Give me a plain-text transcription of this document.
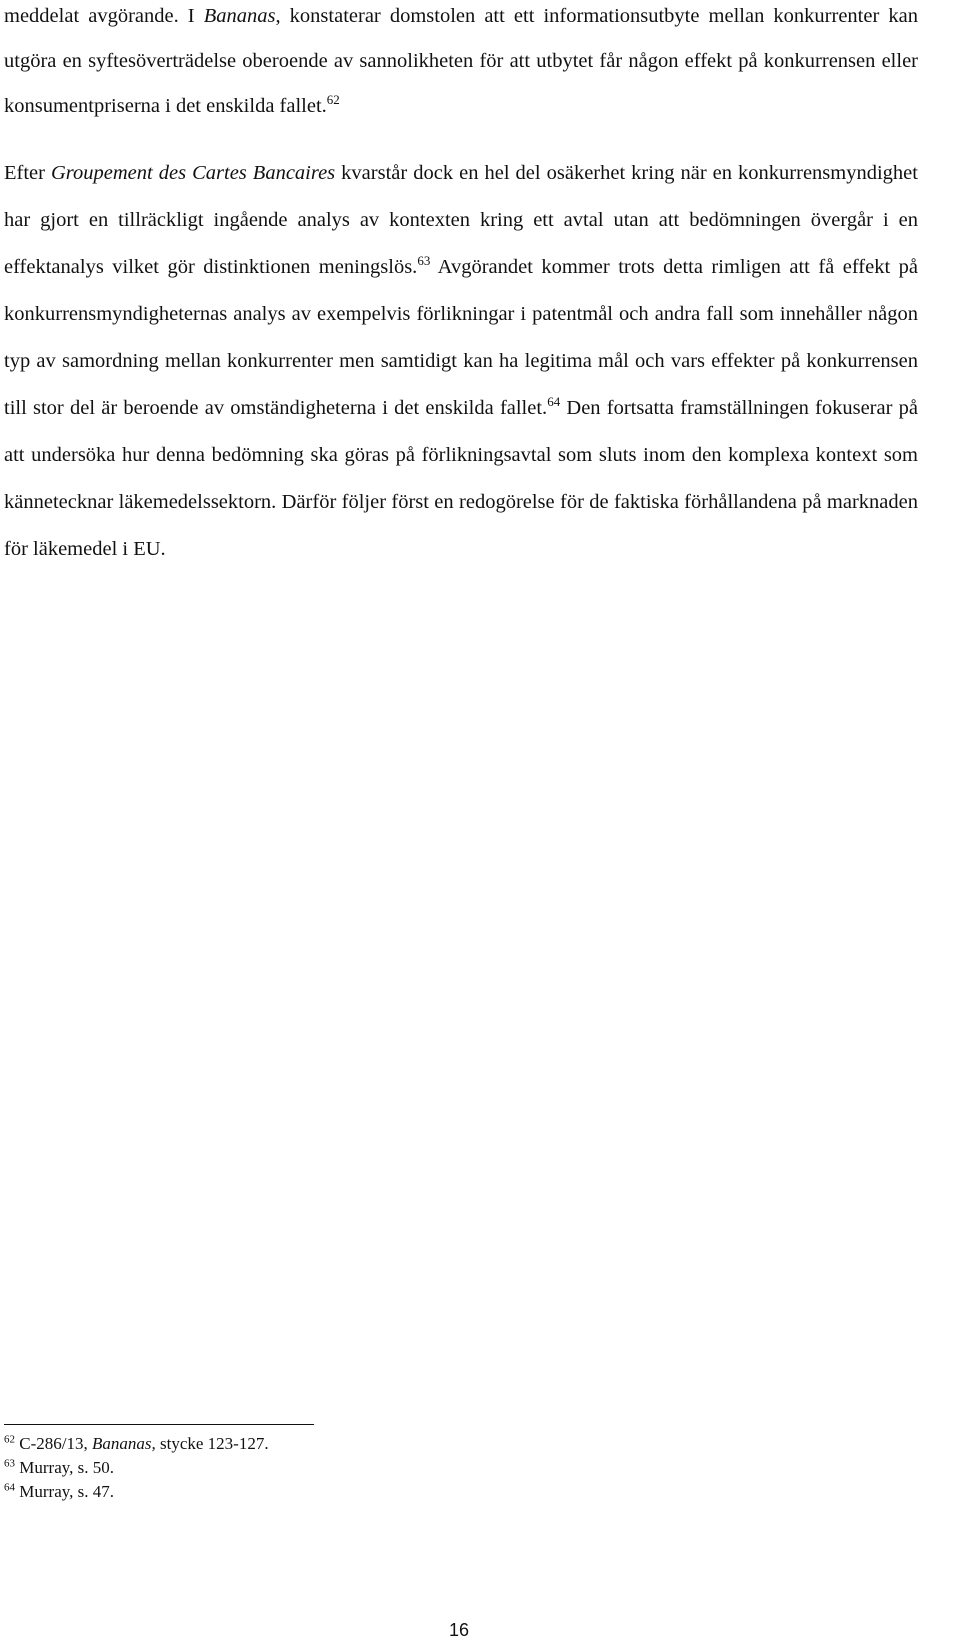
meddelat avgörande. I Bananas, konstaterar domstolen att ett informationsutbyte mellan konkurrenter kan utgöra en syftesöverträdelse oberoende av sannolikheten för att utbytet får någon effekt på konkurrensen eller konsumentpriserna i det enskilda fallet.$^{62}$

Efter Groupement des Cartes Bancaires kvarstår dock en hel del osäkerhet kring när en konkurrensmyndighet har gjort en tillräckligt ingående analys av kontexten kring ett avtal utan att bedömningen övergår i en effektanalys vilket gör distinktionen meningslös.$^{63}$ Avgörandet kommer trots detta rimligen att få effekt på konkurrensmyndigheternas analys av exempelvis förlikningar i patentmål och andra fall som innehåller någon typ av samordning mellan konkurrenter men samtidigt kan ha legitima mål och vars effekter på konkurrensen till stor del är beroende av omständigheterna i det enskilda fallet.$^{64}$ Den fortsatta framställningen fokuserar på att undersöka hur denna bedömning ska göras på förlikningsavtal som sluts inom den komplexa kontext som kännetecknar läkemedelssektorn. Därför följer först en redogörelse för de faktiska förhållandena på marknaden för läkemedel i EU.

$^{62}$ C-286/13, Bananas, stycke 123-127.

$^{63}$ Murray, s. 50.

$^{64}$ Murray, s. 47.

16
